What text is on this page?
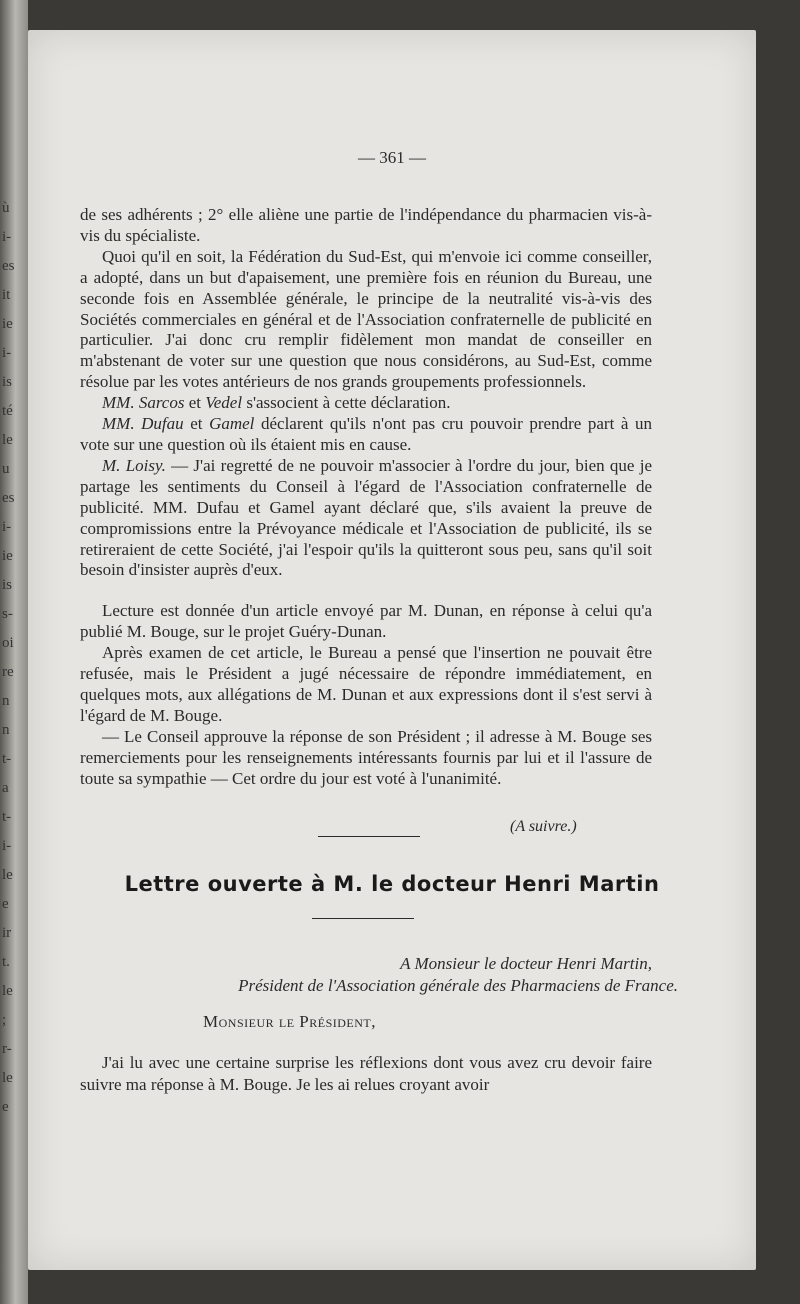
ù
i-
es
it
ie
i-
is
té
le
u
es
i-
ie
is
s-
oi
re
n
n
t-
a
t-
i-
le
e
ir
t.
le
;
r-
le
e
— 361 —

de ses adhérents ; 2° elle aliène une partie de l'indépendance du pharmacien vis-à-vis du spécialiste.

Quoi qu'il en soit, la Fédération du Sud-Est, qui m'envoie ici comme conseiller, a adopté, dans un but d'apaisement, une première fois en réunion du Bureau, une seconde fois en Assemblée générale, le principe de la neutralité vis-à-vis des Sociétés commerciales en général et de l'Association confraternelle de publicité en particulier. J'ai donc cru remplir fidèlement mon mandat de conseiller en m'abstenant de voter sur une question que nous considérons, au Sud-Est, comme résolue par les votes antérieurs de nos grands groupements professionnels.

MM. Sarcos et Vedel s'associent à cette déclaration.

MM. Dufau et Gamel déclarent qu'ils n'ont pas cru pouvoir prendre part à un vote sur une question où ils étaient mis en cause.

M. Loisy. — J'ai regretté de ne pouvoir m'associer à l'ordre du jour, bien que je partage les sentiments du Conseil à l'égard de l'Association confraternelle de publicité. MM. Dufau et Gamel ayant déclaré que, s'ils avaient la preuve de compromissions entre la Prévoyance médicale et l'Association de publicité, ils se retireraient de cette Société, j'ai l'espoir qu'ils la quitteront sous peu, sans qu'il soit besoin d'insister auprès d'eux.

Lecture est donnée d'un article envoyé par M. Dunan, en réponse à celui qu'a publié M. Bouge, sur le projet Guéry-Dunan.

Après examen de cet article, le Bureau a pensé que l'insertion ne pouvait être refusée, mais le Président a jugé nécessaire de répondre immédiatement, en quelques mots, aux allégations de M. Dunan et aux expressions dont il s'est servi à l'égard de M. Bouge.

— Le Conseil approuve la réponse de son Président ; il adresse à M. Bouge ses remerciements pour les renseignements intéressants fournis par lui et il l'assure de toute sa sympathie — Cet ordre du jour est voté à l'unanimité.

(A suivre.)
Lettre ouverte à M. le docteur Henri Martin
A Monsieur le docteur Henri Martin,
Président de l'Association générale des Pharmaciens de France.
Monsieur le Président,

J'ai lu avec une certaine surprise les réflexions dont vous avez cru devoir faire suivre ma réponse à M. Bouge. Je les ai relues croyant avoir
